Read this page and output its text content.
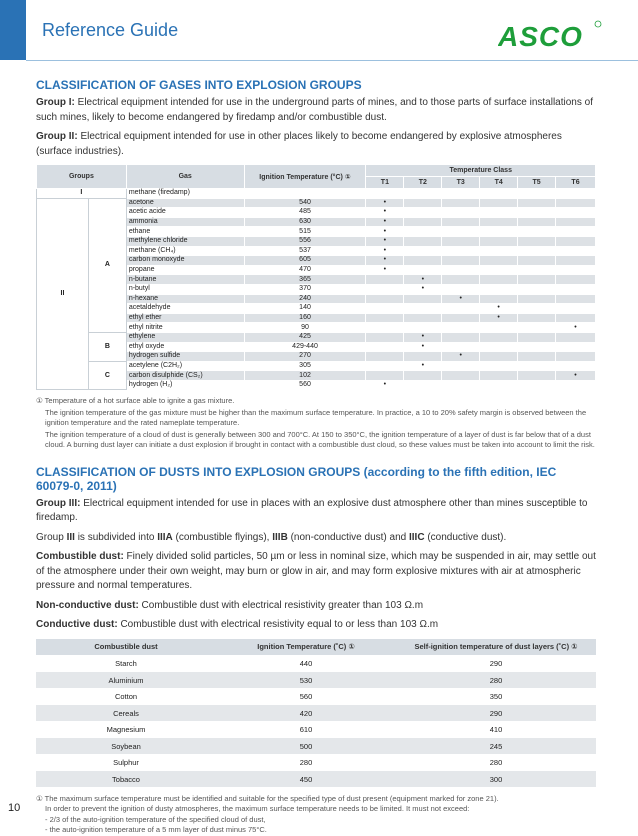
Reference Guide	ASCO
CLASSIFICATION OF GASES INTO EXPLOSION GROUPS

Group I: Electrical equipment intended for use in the underground parts of mines, and to those parts of surface installations of such mines, likely to become endangered by firedamp and/or combustible dust.

Group II: Electrical equipment intended for use in other places likely to become endangered by explosive atmospheres (surface industries).

Groups		Gas	Ignition Temperature (°C) ①	Temperature Class					
				T1	T2	T3	T4	T5	T6
I		methane (firedamp)							
II	A	acetone	540	•					
		acetic acide	485	•					
		ammonia	630	•					
		ethane	515	•					
		methylene chloride	556	•					
		methane (CH₄)	537	•					
		carbon monoxyde	605	•					
		propane	470	•					
		n-butane	365		•				
		n-butyl	370		•				
		n-hexane	240			•			
		acetaldehyde	140				•		
		ethyl ether	160				•		
		ethyl nitrite	90						•
	B	ethylene	425		•				
		ethyl oxyde	429-440		•				
		hydrogen sulfide	270			•			
	C	acetylene (C2H₂)	305		•				
		carbon disulphide (CS₂)	102						•
		hydrogen (H₂)	560	•					

① Temperature of a hot surface able to ignite a gas mixture.

The ignition temperature of the gas mixture must be higher than the maximum surface temperature. In practice, a 10 to 20% safety margin is observed between the ignition temperature and the rated nameplate temperature.

The ignition temperature of a cloud of dust is generally between 300 and 700°C. At 150 to 350°C, the ignition temperature of a layer of dust is far below that of a dust cloud. A burning dust layer can initiate a dust explosion if brought in contact with a combustible dust cloud, so these values must be taken into account to limit the risk.

CLASSIFICATION OF DUSTS INTO EXPLOSION GROUPS (according to the fifth edition, IEC 60079-0, 2011)

Group III: Electrical equipment intended for use in places with an explosive dust atmosphere other than mines susceptible to firedamp.

Group III is subdivided into IIIA (combustible flyings), IIIB (non-conductive dust) and IIIC (conductive dust).

Combustible dust: Finely divided solid particles, 50 µm or less in nominal size, which may be suspended in air, may settle out of the atmosphere under their own weight, may burn or glow in air, and may form explosive mixtures with air at atmospheric pressure and normal temperatures.

Non-conductive dust: Combustible dust with electrical resistivity greater than 103 Ω.m

Conductive dust: Combustible dust with electrical resistivity equal to or less than 103 Ω.m

Combustible dust	Ignition Temperature (˚C) ①	Self-ignition temperature of dust layers (˚C) ①
Starch	440	290
Aluminium	530	280
Cotton	560	350
Cereals	420	290
Magnesium	610	410
Soybean	500	245
Sulphur	280	280
Tobacco	450	300

① The maximum surface temperature must be identified and suitable for the specified type of dust present (equipment marked for zone 21).

In order to prevent the ignition of dusty atmospheres, the maximum surface temperature needs to be limited. It must not exceed:

- 2/3 of the auto-ignition temperature of the specified cloud of dust,

- the auto-ignition temperature of a 5 mm layer of dust minus 75°C.

10
